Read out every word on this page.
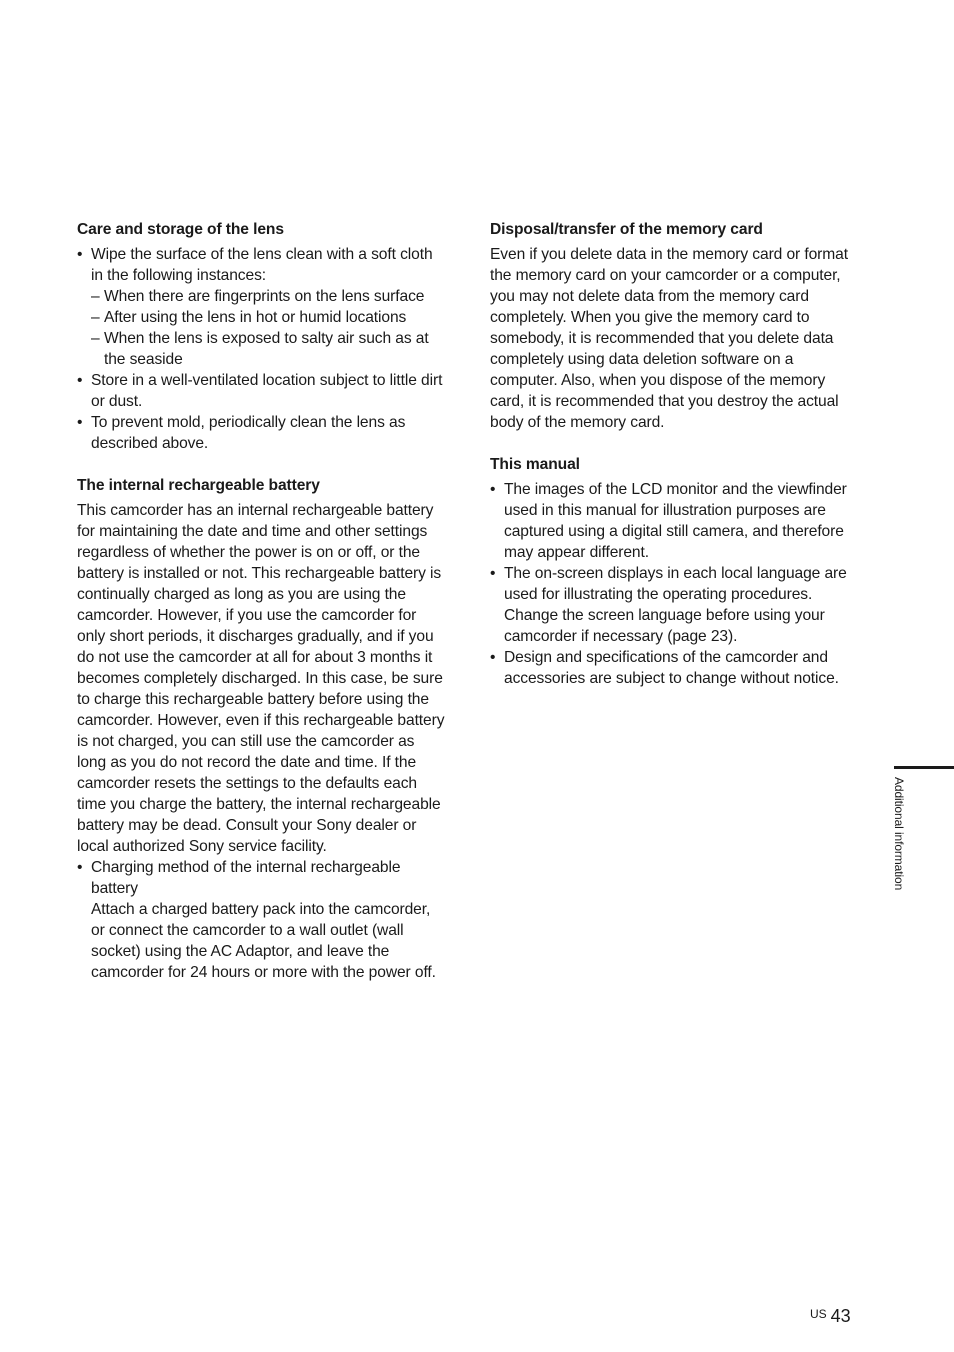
Care and storage of the lens
• Wipe the surface of the lens clean with a soft cloth in the following instances:
– When there are fingerprints on the lens surface
– After using the lens in hot or humid locations
– When the lens is exposed to salty air such as at the seaside
• Store in a well-ventilated location subject to little dirt or dust.
• To prevent mold, periodically clean the lens as described above.
The internal rechargeable battery

This camcorder has an internal rechargeable battery for maintaining the date and time and other settings regardless of whether the power is on or off, or the battery is installed or not. This rechargeable battery is continually charged as long as you are using the camcorder. However, if you use the camcorder for only short periods, it discharges gradually, and if you do not use the camcorder at all for about 3 months it becomes completely discharged. In this case, be sure to charge this rechargeable battery before using the camcorder. However, even if this rechargeable battery is not charged, you can still use the camcorder as long as you do not record the date and time. If the camcorder resets the settings to the defaults each time you charge the battery, the internal rechargeable battery may be dead. Consult your Sony dealer or local authorized Sony service facility.

• Charging method of the internal rechargeable battery
Attach a charged battery pack into the camcorder, or connect the camcorder to a wall outlet (wall socket) using the AC Adaptor, and leave the camcorder for 24 hours or more with the power off.
Disposal/transfer of the memory card

Even if you delete data in the memory card or format the memory card on your camcorder or a computer, you may not delete data from the memory card completely. When you give the memory card to somebody, it is recommended that you delete data completely using data deletion software on a computer. Also, when you dispose of the memory card, it is recommended that you destroy the actual body of the memory card.

This manual
• The images of the LCD monitor and the viewfinder used in this manual for illustration purposes are captured using a digital still camera, and therefore may appear different.
• The on-screen displays in each local language are used for illustrating the operating procedures. Change the screen language before using your camcorder if necessary (page 23).
• Design and specifications of the camcorder and accessories are subject to change without notice.
Additional information
$^{US}$ 43
